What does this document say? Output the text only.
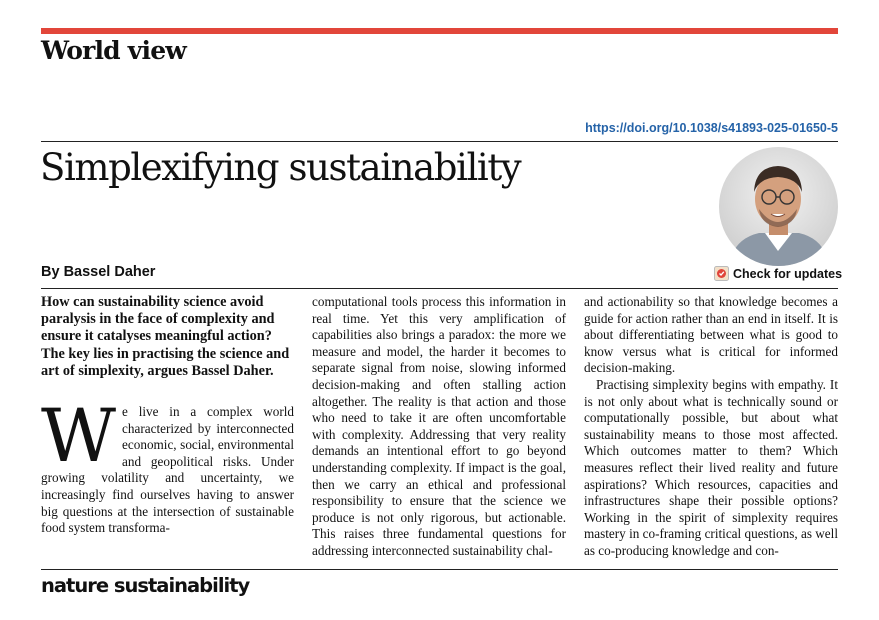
World view
https://doi.org/10.1038/s41893-025-01650-5
Simplexifying sustainability
By Bassel Daher	Check for updates

How can sustainability science avoid paralysis in the face of complexity and ensure it catalyses meaningful action? The key lies in practising the science and art of simplexity, argues Bassel Daher.

We live in a complex world characterized by interconnected economic, social, environmental and geopolitical risks. Under growing volatility and uncertainty, we increasingly find ourselves having to answer big questions at the intersection of sustainable food system transforma-

computational tools process this information in real time. Yet this very amplification of capabilities also brings a paradox: the more we measure and model, the harder it becomes to separate signal from noise, slowing informed decision-making and often stalling action altogether. The reality is that action and those who need to take it are often uncomfortable with complexity. Addressing that very reality demands an intentional effort to go beyond understanding complexity. If impact is the goal, then we carry an ethical and professional responsibility to ensure that the science we produce is not only rigorous, but actionable. This raises three fundamental questions for addressing interconnected sustainability chal-

and actionability so that knowledge becomes a guide for action rather than an end in itself. It is about differentiating between what is good to know versus what is critical for informed decision-making.

Practising simplexity begins with empathy. It is not only about what is technically sound or computationally possible, but about what sustainability means to those most affected. Which outcomes matter to them? Which measures reflect their lived reality and future aspirations? Which resources, capacities and infrastructures shape their possible options? Working in the spirit of simplexity requires mastery in co-framing critical questions, as well as co-producing knowledge and con-

nature sustainability
